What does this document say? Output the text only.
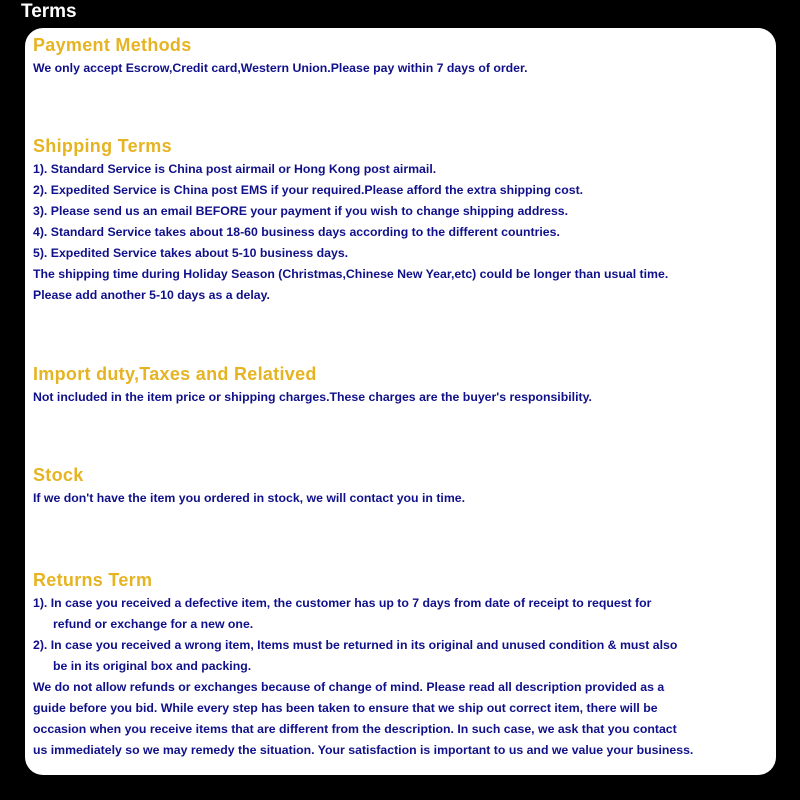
Terms
Payment Methods
We only accept Escrow,Credit card,Western Union.Please pay within 7 days of order.
Shipping Terms
1). Standard Service is China post airmail or Hong Kong post airmail.
2). Expedited Service is China post EMS if your required.Please afford the extra shipping cost.
3). Please send us an email BEFORE your payment if you wish to change shipping address.
4). Standard Service takes about 18-60 business days according to the different countries.
5). Expedited Service takes about 5-10 business days.
The shipping time during Holiday Season (Christmas,Chinese New Year,etc) could be longer than usual time.
Please add another 5-10 days as a delay.
Import duty,Taxes and Relatived
Not included in the item price or shipping charges.These charges are the buyer's responsibility.
Stock
If we don't have the item you ordered in stock, we will contact you in time.
Returns Term
1). In case you received a defective item, the customer has up to 7 days from date of receipt to request for
refund or exchange for a new one.
2). In case you received a wrong item, Items must be returned in its original and unused condition & must also
be in its original box and packing.
We do not allow refunds or exchanges because of change of mind. Please read all description provided as a
guide before you bid. While every step has been taken to ensure that we ship out correct item, there will be
occasion when you receive items that are different from the description. In such case, we ask that you contact
us immediately so we may remedy the situation. Your satisfaction is important to us and we value your business.
